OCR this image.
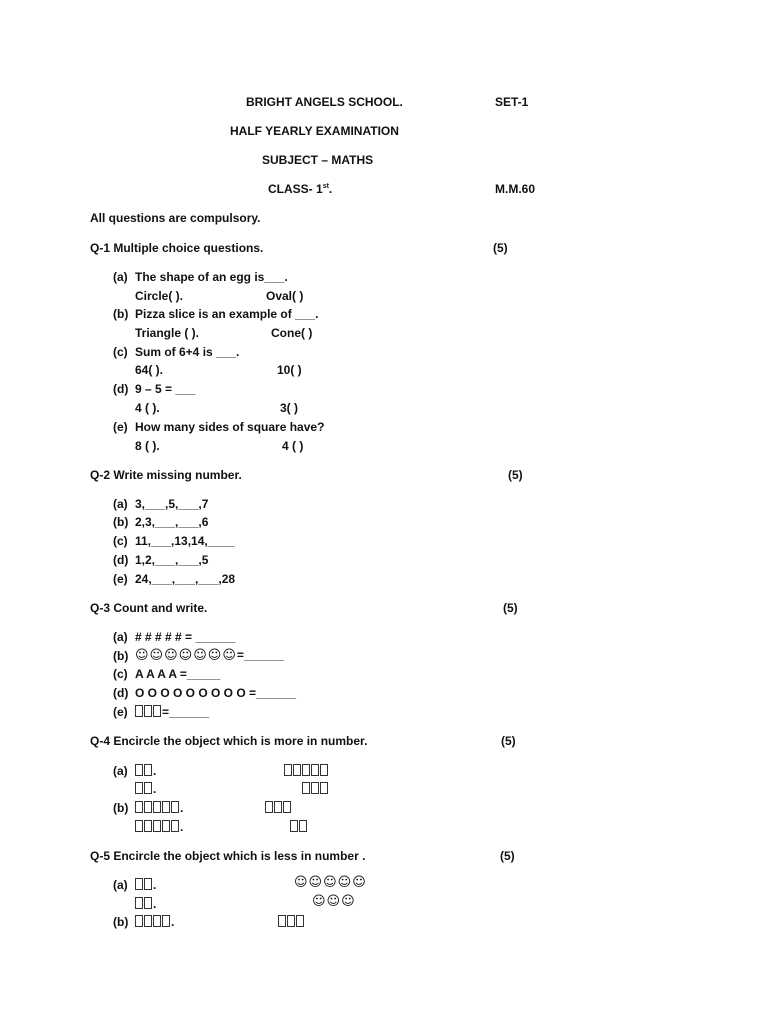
BRIGHT ANGELS SCHOOL.	SET-1
HALF YEARLY EXAMINATION
SUBJECT – MATHS
CLASS- 1st.	M.M.60
All questions are compulsory.
Q-1 Multiple choice questions.	(5)
(a) The shape of an egg is___.
Circle( ).	Oval( )
(b) Pizza slice is an example of ___.
Triangle ( ).	Cone( )
(c) Sum of 6+4 is ___.
64( ).	10( )
(d) 9 – 5 = ___
4 ( ).	3( )
(e) How many sides of square have?
8 ( ).	4 ( )
Q-2 Write missing number.	(5)
(a) 3,___,5,___,7
(b) 2,3,___,___,6
(c) 11,___,13,14,____
(d) 1,2,___,___,5
(e) 24,___,___,___,28
Q-3 Count and write.	(5)
(a) # # # # # = ______
(b) ☺☺☺☺☺☺☺=______
(c) A A A A =_____
(d) O O O O O O O O O =______
(e)	=______
Q-4 Encircle the object which is more in number.	(5)
(a)	.
.
(b)	.
.
Q-5 Encircle the object which is less in number .	(5)
(a)	.	☺☺☺☺☺
.	☺☺☺
(b)	.
